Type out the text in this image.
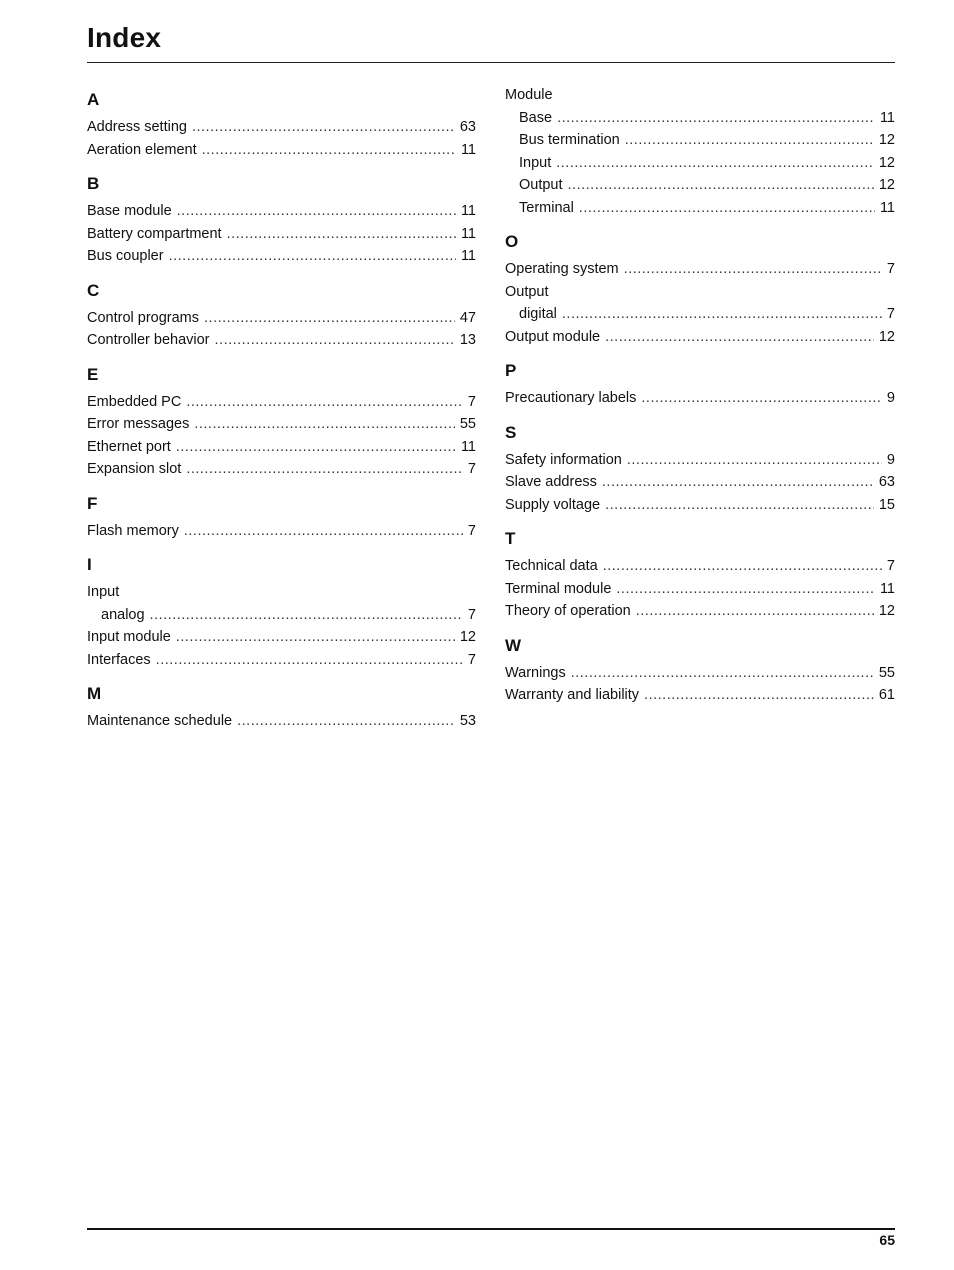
Index
A
Address setting .....	63
Aeration element .....	11
B
Base module .....	11
Battery compartment .....	11
Bus coupler .....	11
C
Control programs .....	47
Controller behavior .....	13
E
Embedded PC .....	7
Error messages .....	55
Ethernet port .....	11
Expansion slot .....	7
F
Flash memory .....	7
I
Input
analog .....	7
Input module .....	12
Interfaces .....	7
M
Maintenance schedule .....	53
Module
Base .....	11
Bus termination .....	12
Input .....	12
Output .....	12
Terminal .....	11
O
Operating system .....	7
Output
digital .....	7
Output module .....	12
P
Precautionary labels .....	9
S
Safety information .....	9
Slave address .....	63
Supply voltage .....	15
T
Technical data .....	7
Terminal module .....	11
Theory of operation .....	12
W
Warnings .....	55
Warranty and liability .....	61
65
